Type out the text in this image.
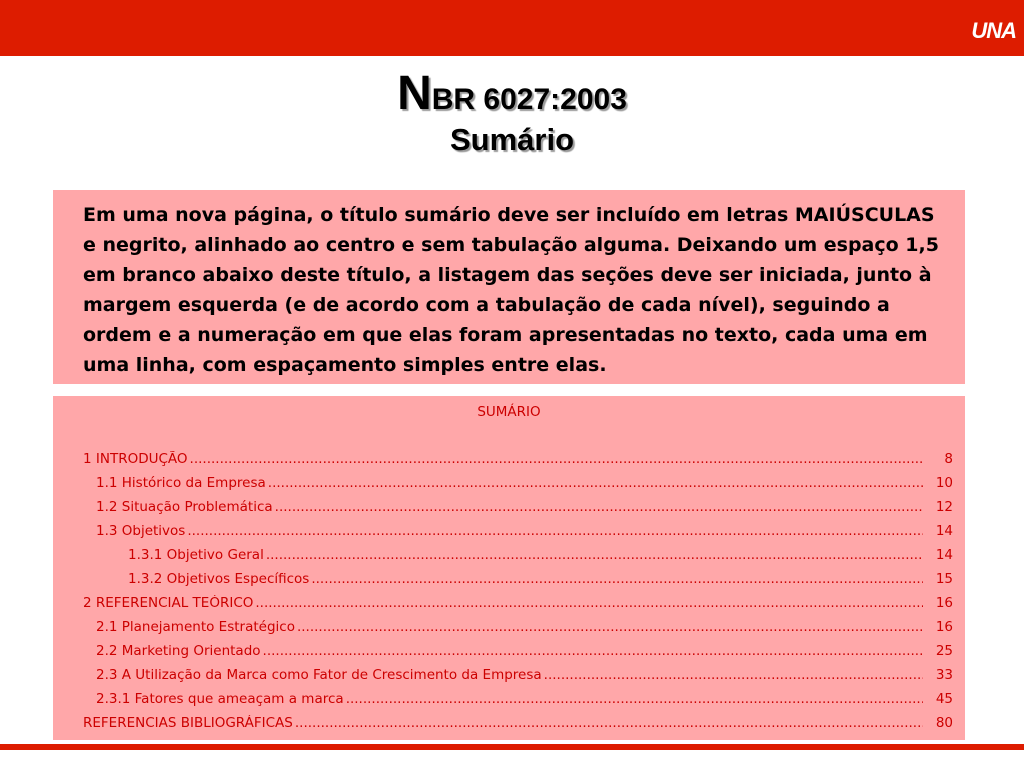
UNA
NBR 6027:2003
Sumário

Em uma nova página, o título sumário deve ser incluído em letras MAIÚSCULAS e negrito, alinhado ao centro e sem tabulação alguma. Deixando um espaço 1,5 em branco abaixo deste título, a listagem das seções deve ser iniciada, junto à margem esquerda (e de acordo com a tabulação de cada nível), seguindo a ordem e a numeração em que elas foram apresentadas no texto, cada uma em uma linha, com espaçamento simples entre elas.

SUMÁRIO
1 INTRODUÇÃO .....	8
1.1 Histórico da Empresa .....	10
1.2 Situação Problemática .....	12
1.3 Objetivos .....	14
1.3.1 Objetivo Geral .....	14
1.3.2 Objetivos Específicos .....	15
2 REFERENCIAL TEÓRICO .....	16
2.1 Planejamento Estratégico .....	16
2.2 Marketing Orientado .....	25
2.3 A Utilização da Marca como Fator de Crescimento da Empresa .....	33
2.3.1 Fatores que ameaçam a marca .....	45
REFERENCIAS BIBLIOGRÁFICAS .....	80
